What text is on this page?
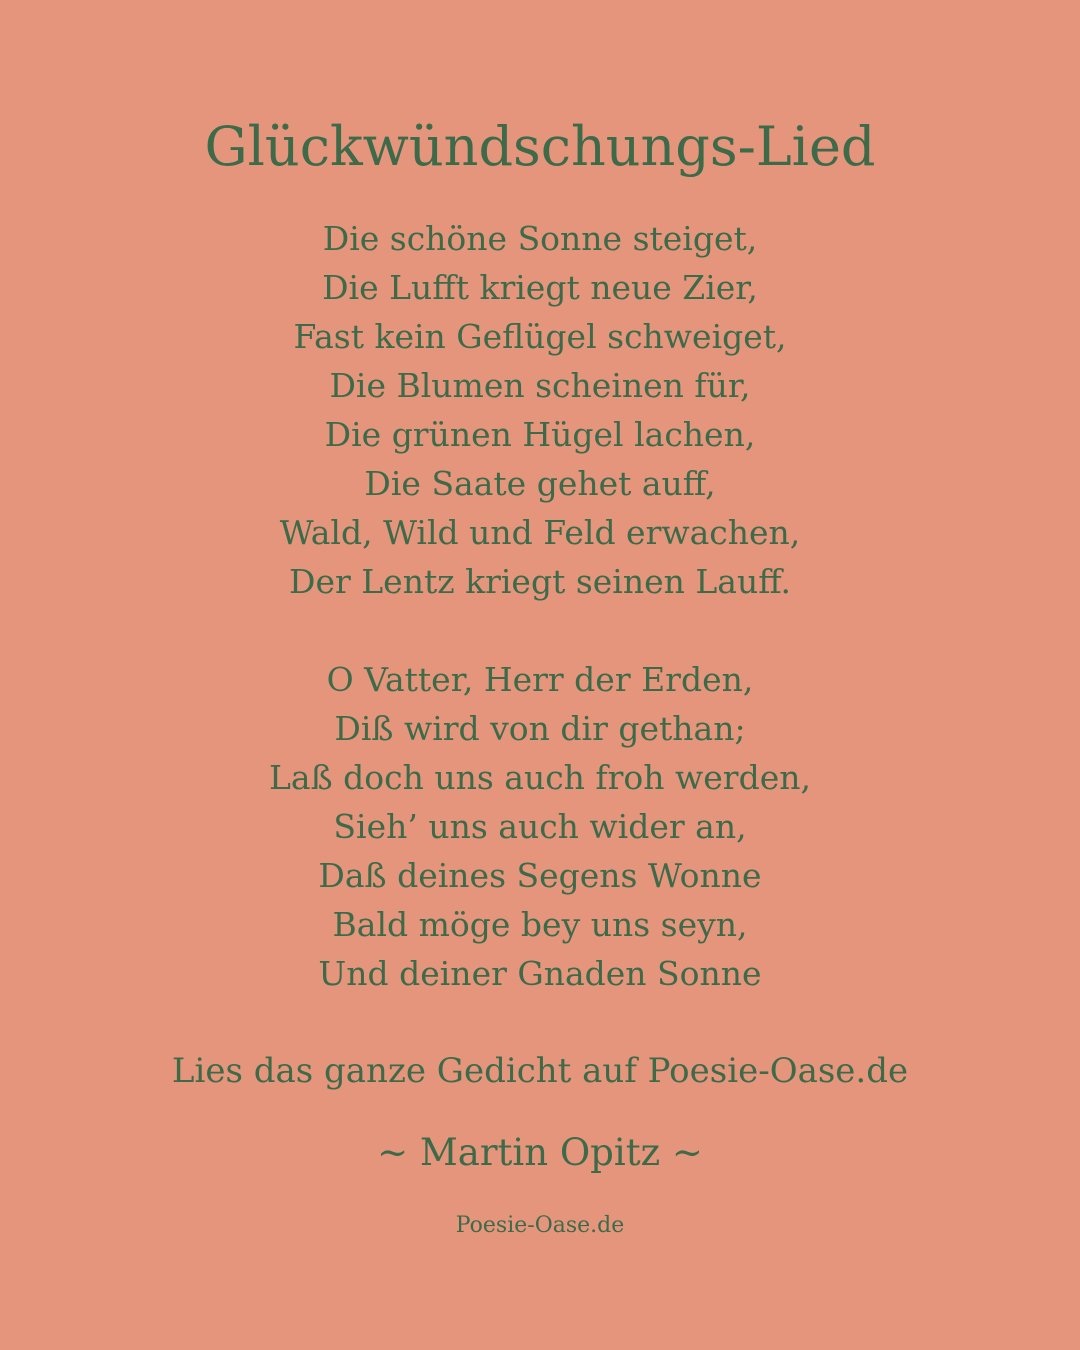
Glückwündschungs-Lied
Die schöne Sonne steiget,
Die Lufft kriegt neue Zier,
Fast kein Geflügel schweiget,
Die Blumen scheinen für,
Die grünen Hügel lachen,
Die Saate gehet auff,
Wald, Wild und Feld erwachen,
Der Lentz kriegt seinen Lauff.
O Vatter, Herr der Erden,
Diß wird von dir gethan;
Laß doch uns auch froh werden,
Sieh’ uns auch wider an,
Daß deines Segens Wonne
Bald möge bey uns seyn,
Und deiner Gnaden Sonne

Lies das ganze Gedicht auf Poesie-Oase.de

~ Martin Opitz ~

Poesie-Oase.de
